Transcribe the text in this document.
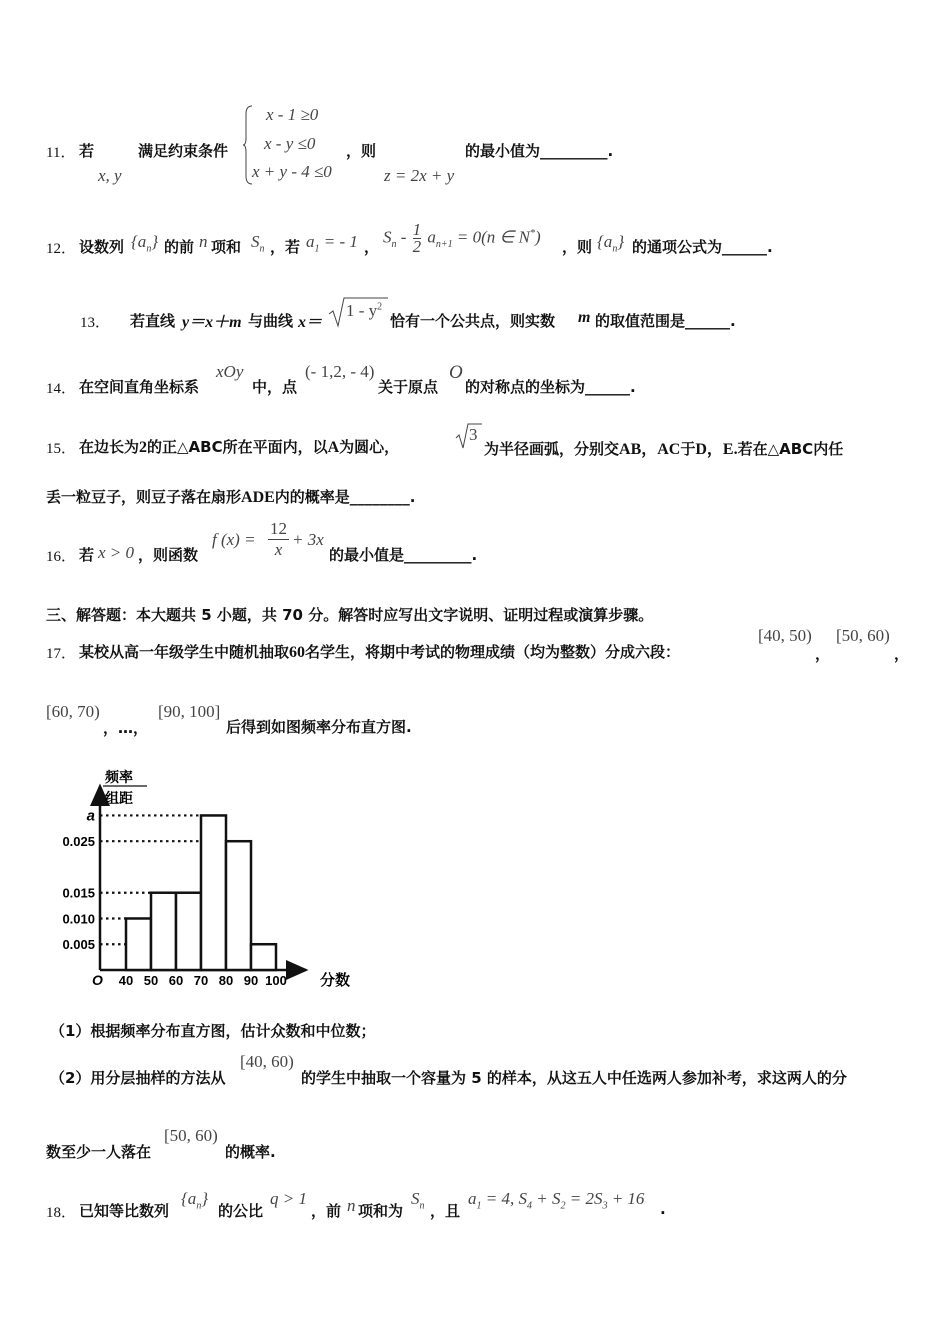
11． 若
x, y
满足约束条件
x - 1 ≥0
x - y ≤0
x + y - 4 ≤0
，则
z = 2x + y
的最小值为_________.
12． 设数列 $\{a_n\}$ 的前 n 项和 $S_n$ ，若 $a_1$ = - 1 ，
$S_n - \frac{1}{2} a_{n+1} = 0(n$ ∈ N*)
，则 $\{a_n\}$ 的通项公式为______.
13． 若直线 y＝x＋m 与曲线 x＝
$1 - y^2$
恰有一个公共点，则实数 m 的取值范围是______.
14． 在空间直角坐标系
xOy
中，点
(- 1,2, - 4)
关于原点
O
的对称点的坐标为______.
15． 在边长为2的正△ABC所在平面内，以A为圆心，
3
为半径画弧，分别交AB，AC于D，E.若在△ABC内任
丢一粒豆子，则豆子落在扇形ADE内的概率是________.
16． 若 x > 0 ，则函数
f (x) =
12
x
+ 3x
的最小值是_________.
三、解答题：本大题共 5 小题，共 70 分。解答时应写出文字说明、证明过程或演算步骤。
17． 某校从高一年级学生中随机抽取60名学生，将期中考试的物理成绩（均为整数）分成六段：
[40, 50)
，
[50, 60)
，
[60, 70)
，…，
[90, 100]
后得到如图频率分布直方图.
频率
组距
分数
O
a
0.025
0.015
0.010
0.005
40 50 60 70 80 90 100
（1）根据频率分布直方图，估计众数和中位数；
（2）用分层抽样的方法从
[40, 60)
的学生中抽取一个容量为 5 的样本，从这五人中任选两人参加补考，求这两人的分
数至少一人落在
[50, 60)
的概率.
18． 已知等比数列
$\{a_n\}$
的公比
q > 1
，前 n 项和为
$S_n$ ，且
$a_1 = 4$, $S_4 + S_2 = 2S_3 + 16$
.
